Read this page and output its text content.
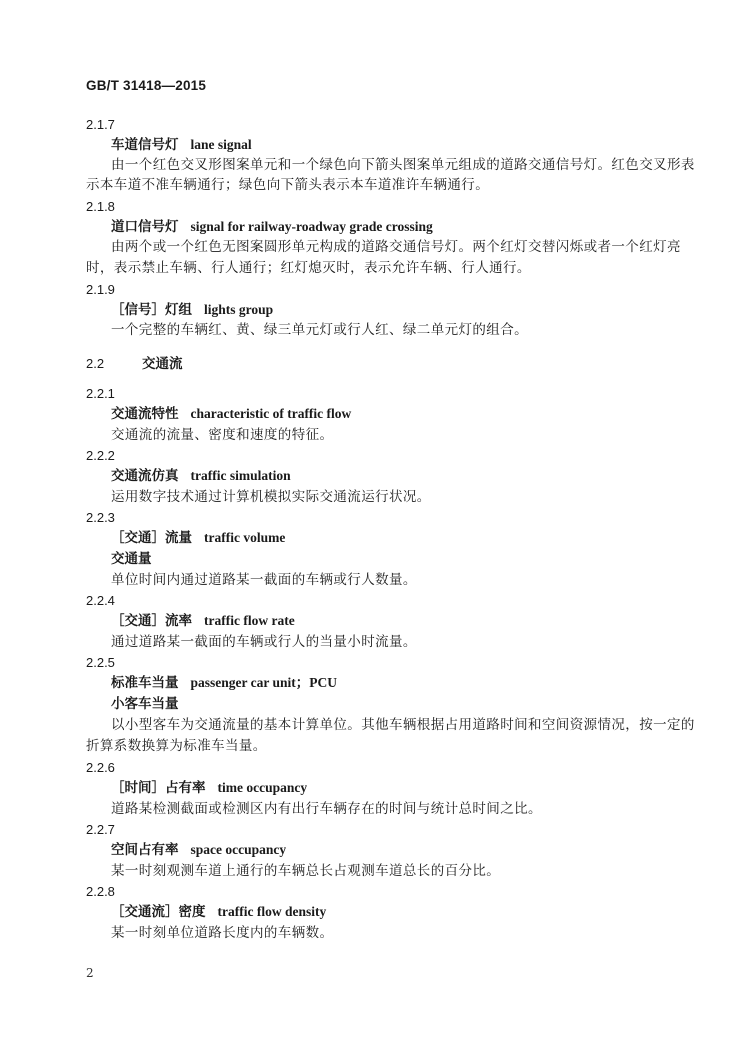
GB/T 31418—2015
2.1.7
车道信号灯 lane signal
由一个红色交叉形图案单元和一个绿色向下箭头图案单元组成的道路交通信号灯。红色交叉形表
示本车道不准车辆通行；绿色向下箭头表示本车道准许车辆通行。
2.1.8
道口信号灯 signal for railway-roadway grade crossing
由两个或一个红色无图案圆形单元构成的道路交通信号灯。两个红灯交替闪烁或者一个红灯亮
时，表示禁止车辆、行人通行；红灯熄灭时，表示允许车辆、行人通行。
2.1.9
［信号］灯组 lights group
一个完整的车辆红、黄、绿三单元灯或行人红、绿二单元灯的组合。
2.2	交通流
2.2.1
交通流特性 characteristic of traffic flow
交通流的流量、密度和速度的特征。
2.2.2
交通流仿真 traffic simulation
运用数字技术通过计算机模拟实际交通流运行状况。
2.2.3
［交通］流量 traffic volume
交通量
单位时间内通过道路某一截面的车辆或行人数量。
2.2.4
［交通］流率 traffic flow rate
通过道路某一截面的车辆或行人的当量小时流量。
2.2.5
标准车当量 passenger car unit；PCU
小客车当量
以小型客车为交通流量的基本计算单位。其他车辆根据占用道路时间和空间资源情况，按一定的
折算系数换算为标准车当量。
2.2.6
［时间］占有率 time occupancy
道路某检测截面或检测区内有出行车辆存在的时间与统计总时间之比。
2.2.7
空间占有率 space occupancy
某一时刻观测车道上通行的车辆总长占观测车道总长的百分比。
2.2.8
［交通流］密度 traffic flow density
某一时刻单位道路长度内的车辆数。
2
